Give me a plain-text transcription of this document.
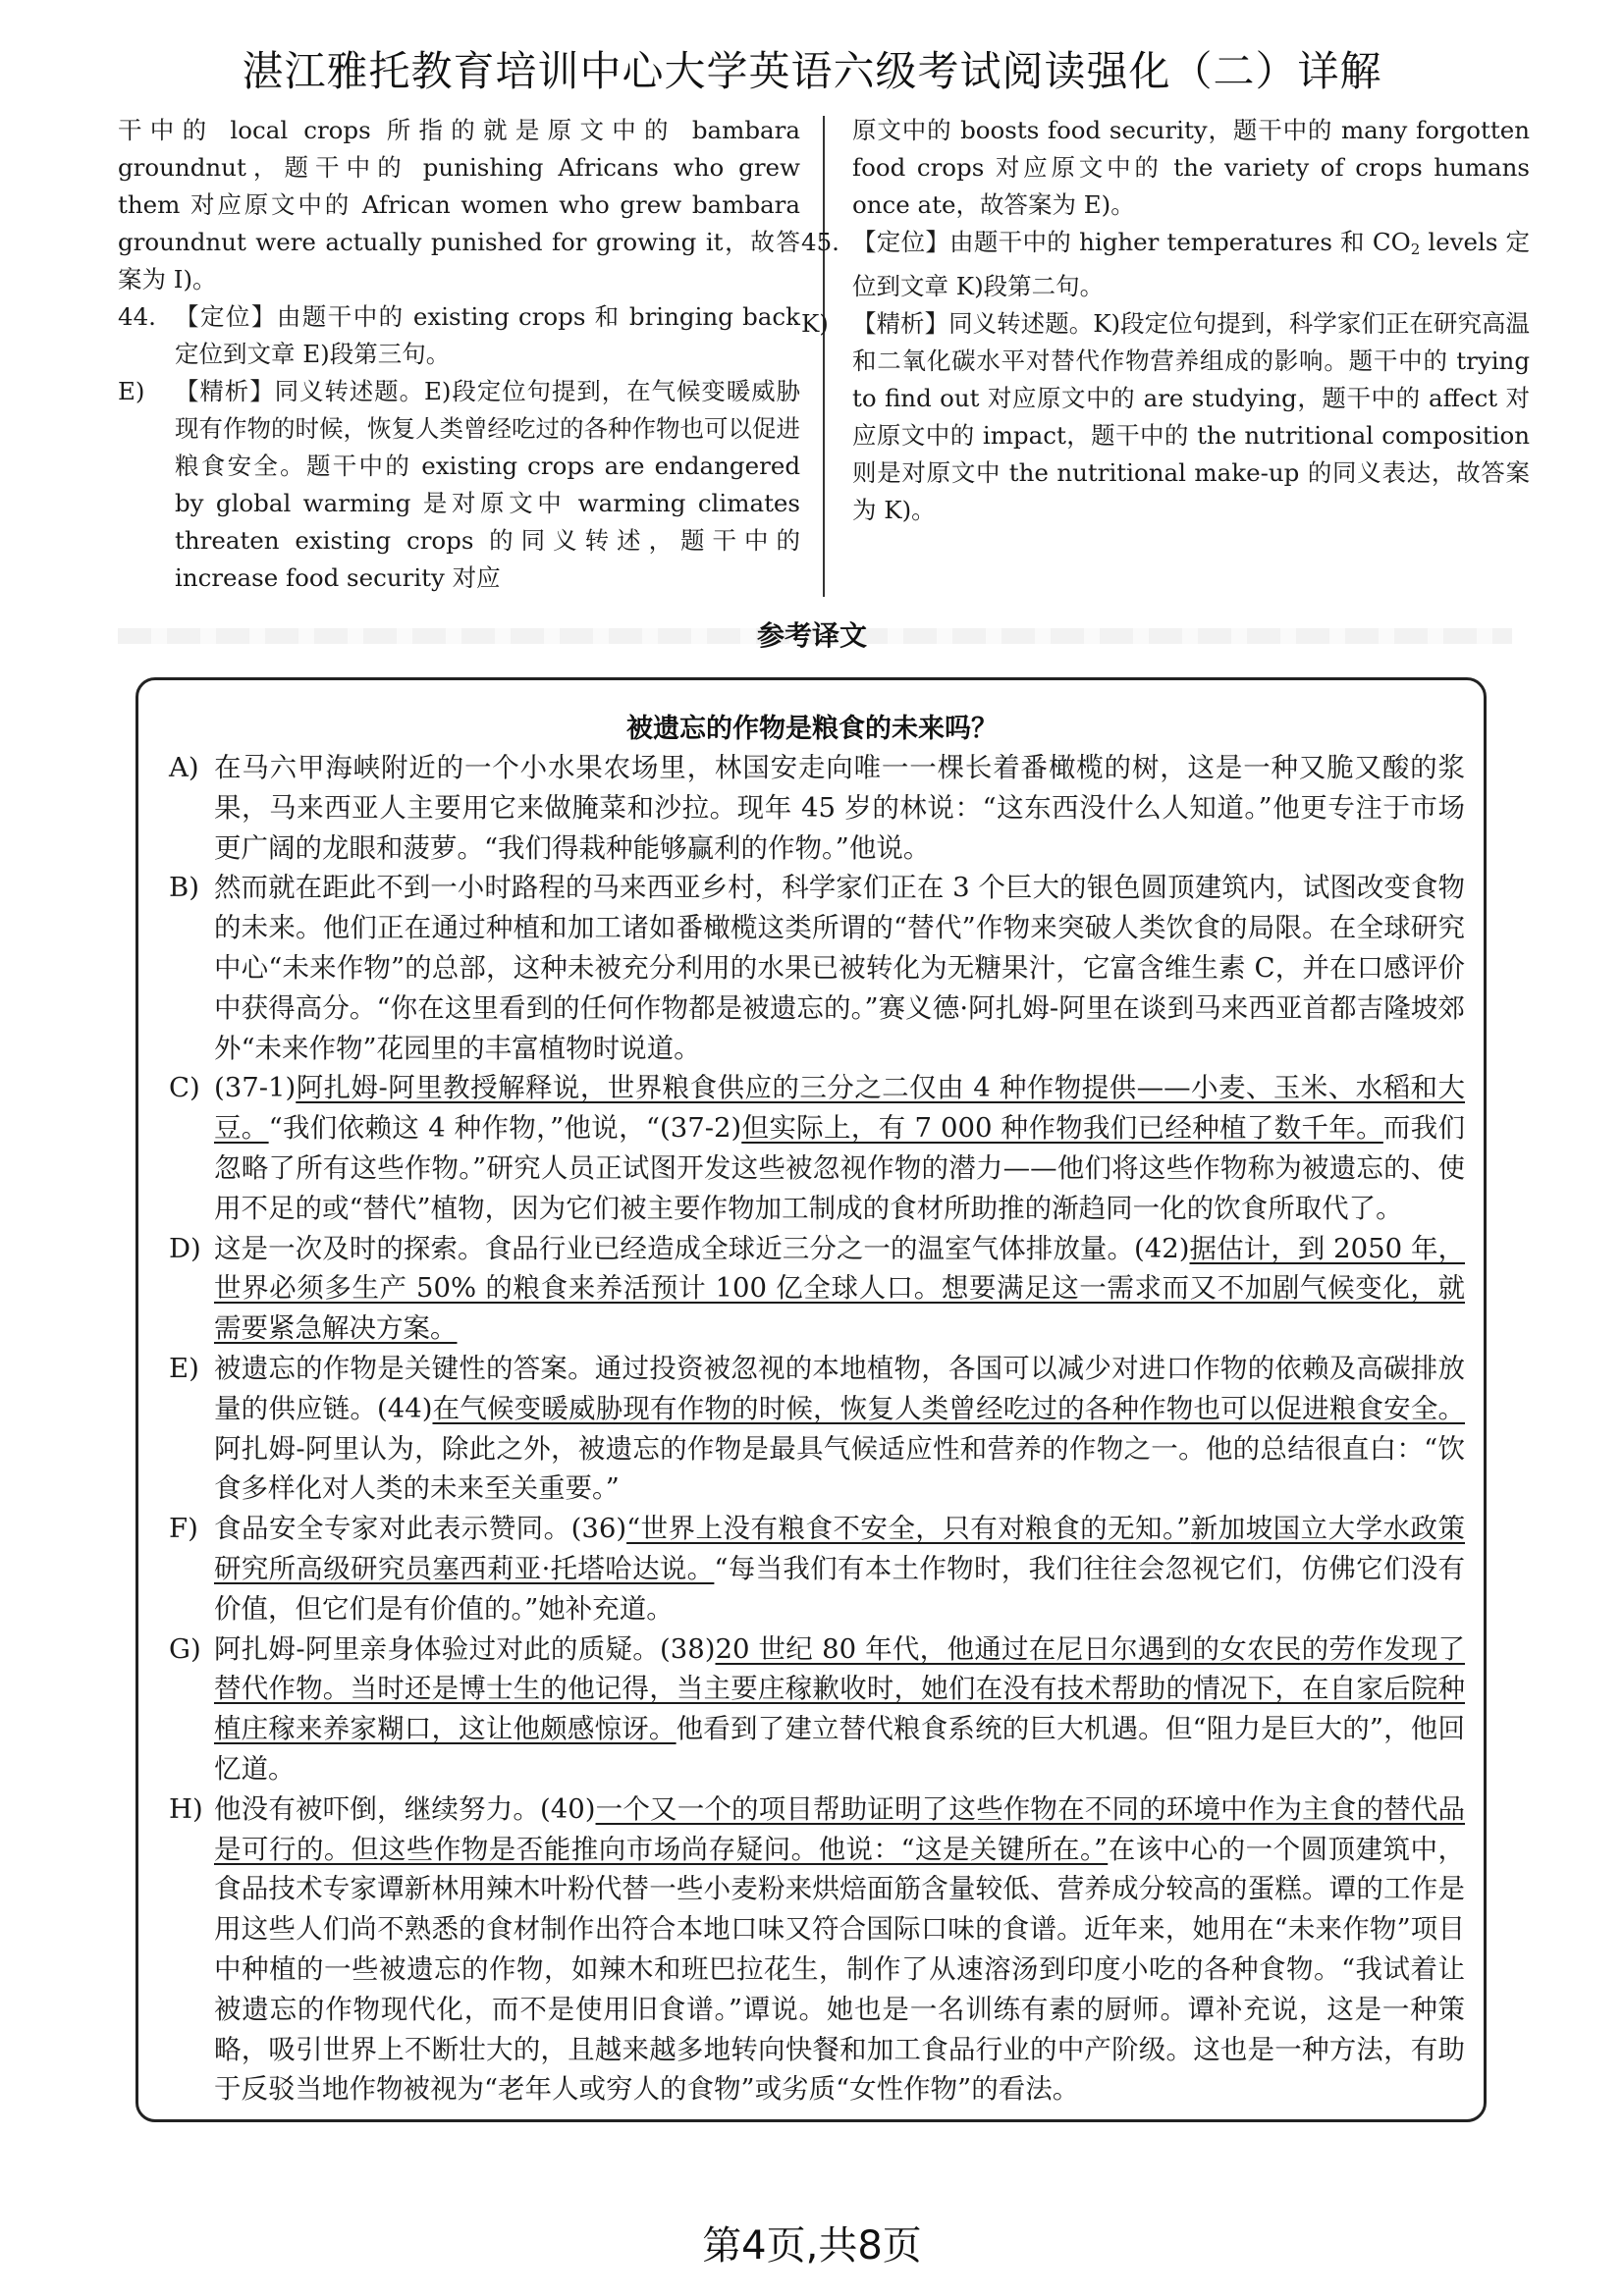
湛江雅托教育培训中心大学英语六级考试阅读强化（二）详解

干中的 local crops 所指的就是原文中的 bambara groundnut，题干中的 punishing Africans who grew them 对应原文中的 African women who grew bambara groundnut were actually punished for growing it，故答案为 I)。

44. 【定位】由题干中的 existing crops 和 bringing back 定位到文章 E)段第三句。

E) 【精析】同义转述题。E)段定位句提到，在气候变暖威胁现有作物的时候，恢复人类曾经吃过的各种作物也可以促进粮食安全。题干中的 existing crops are endangered by global warming 是对原文中 warming climates threaten existing crops 的同义转述，题干中的 increase food security 对应

原文中的 boosts food security，题干中的 many forgotten food crops 对应原文中的 the variety of crops humans once ate，故答案为 E)。

45. 【定位】由题干中的 higher temperatures 和 $CO_2$ levels 定位到文章 K)段第二句。

K) 【精析】同义转述题。K)段定位句提到，科学家们正在研究高温和二氧化碳水平对替代作物营养组成的影响。题干中的 trying to find out 对应原文中的 are studying，题干中的 affect 对应原文中的 impact，题干中的 the nutritional composition 则是对原文中 the nutritional make-up 的同义表达，故答案为 K)。

参考译文
被遗忘的作物是粮食的未来吗？
A) 在马六甲海峡附近的一个小水果农场里，林国安走向唯一一棵长着番橄榄的树，这是一种又脆又酸的浆果，马来西亚人主要用它来做腌菜和沙拉。现年 45 岁的林说：“这东西没什么人知道。”他更专注于市场更广阔的龙眼和菠萝。“我们得栽种能够赢利的作物。”他说。

B) 然而就在距此不到一小时路程的马来西亚乡村，科学家们正在 3 个巨大的银色圆顶建筑内，试图改变食物的未来。他们正在通过种植和加工诸如番橄榄这类所谓的“替代”作物来突破人类饮食的局限。在全球研究中心“未来作物”的总部，这种未被充分利用的水果已被转化为无糖果汁，它富含维生素 C，并在口感评价中获得高分。“你在这里看到的任何作物都是被遗忘的。”赛义德·阿扎姆-阿里在谈到马来西亚首都吉隆坡郊外“未来作物”花园里的丰富植物时说道。

C) (37-1)阿扎姆-阿里教授解释说，世界粮食供应的三分之二仅由 4 种作物提供——小麦、玉米、水稻和大豆。“我们依赖这 4 种作物，”他说，“(37-2)但实际上，有 7 000 种作物我们已经种植了数千年。而我们忽略了所有这些作物。”研究人员正试图开发这些被忽视作物的潜力——他们将这些作物称为被遗忘的、使用不足的或“替代”植物，因为它们被主要作物加工制成的食材所助推的渐趋同一化的饮食所取代了。

D) 这是一次及时的探索。食品行业已经造成全球近三分之一的温室气体排放量。(42)据估计，到 2050 年，世界必须多生产 50% 的粮食来养活预计 100 亿全球人口。想要满足这一需求而又不加剧气候变化，就需要紧急解决方案。

E) 被遗忘的作物是关键性的答案。通过投资被忽视的本地植物，各国可以减少对进口作物的依赖及高碳排放量的供应链。(44)在气候变暖威胁现有作物的时候，恢复人类曾经吃过的各种作物也可以促进粮食安全。阿扎姆-阿里认为，除此之外，被遗忘的作物是最具气候适应性和营养的作物之一。他的总结很直白：“饮食多样化对人类的未来至关重要。”

F) 食品安全专家对此表示赞同。(36)“世界上没有粮食不安全，只有对粮食的无知。”新加坡国立大学水政策研究所高级研究员塞西莉亚·托塔哈达说。“每当我们有本土作物时，我们往往会忽视它们，仿佛它们没有价值，但它们是有价值的。”她补充道。

G) 阿扎姆-阿里亲身体验过对此的质疑。(38)20 世纪 80 年代，他通过在尼日尔遇到的女农民的劳作发现了替代作物。当时还是博士生的他记得，当主要庄稼歉收时，她们在没有技术帮助的情况下，在自家后院种植庄稼来养家糊口，这让他颇感惊讶。他看到了建立替代粮食系统的巨大机遇。但“阻力是巨大的”，他回忆道。

H) 他没有被吓倒，继续努力。(40)一个又一个的项目帮助证明了这些作物在不同的环境中作为主食的替代品是可行的。但这些作物是否能推向市场尚存疑问。他说：“这是关键所在。”在该中心的一个圆顶建筑中，食品技术专家谭新林用辣木叶粉代替一些小麦粉来烘焙面筋含量较低、营养成分较高的蛋糕。谭的工作是用这些人们尚不熟悉的食材制作出符合本地口味又符合国际口味的食谱。近年来，她用在“未来作物”项目中种植的一些被遗忘的作物，如辣木和班巴拉花生，制作了从速溶汤到印度小吃的各种食物。“我试着让被遗忘的作物现代化，而不是使用旧食谱。”谭说。她也是一名训练有素的厨师。谭补充说，这是一种策略，吸引世界上不断壮大的，且越来越多地转向快餐和加工食品行业的中产阶级。这也是一种方法，有助于反驳当地作物被视为“老年人或穷人的食物”或劣质“女性作物”的看法。

第4页,共8页
